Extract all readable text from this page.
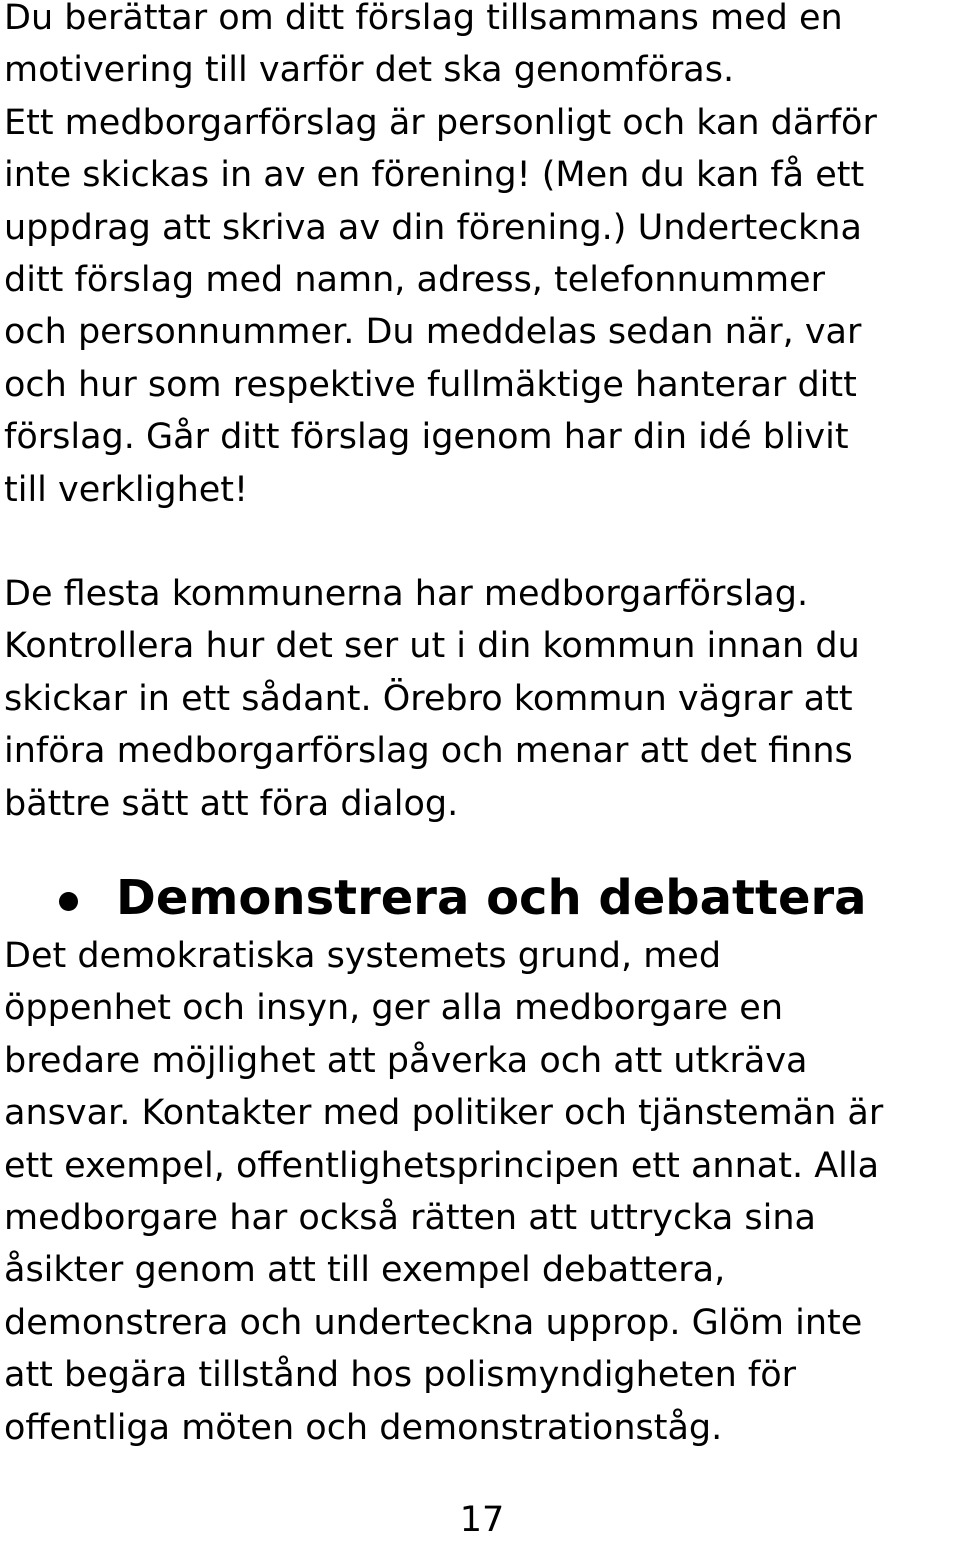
Du berättar om ditt förslag tillsammans med en
motivering till varför det ska genomföras.
Ett medborgarförslag är personligt och kan därför
inte skickas in av en förening! (Men du kan få ett
uppdrag att skriva av din förening.) Underteckna
ditt förslag med namn, adress, telefonnummer
och personnummer. Du meddelas sedan när, var
och hur som respektive fullmäktige hanterar ditt
förslag. Går ditt förslag igenom har din idé blivit
till verklighet!
De flesta kommunerna har medborgarförslag.
Kontrollera hur det ser ut i din kommun innan du
skickar in ett sådant. Örebro kommun vägrar att
införa medborgarförslag och menar att det finns
bättre sätt att föra dialog.
Demonstrera och debattera
Det demokratiska systemets grund, med
öppenhet och insyn, ger alla medborgare en
bredare möjlighet att påverka och att utkräva
ansvar. Kontakter med politiker och tjänstemän är
ett exempel, offentlighetsprincipen ett annat. Alla
medborgare har också rätten att uttrycka sina
åsikter genom att till exempel debattera,
demonstrera och underteckna upprop. Glöm inte
att begära tillstånd hos polismyndigheten för
offentliga möten och demonstrationståg.
17
